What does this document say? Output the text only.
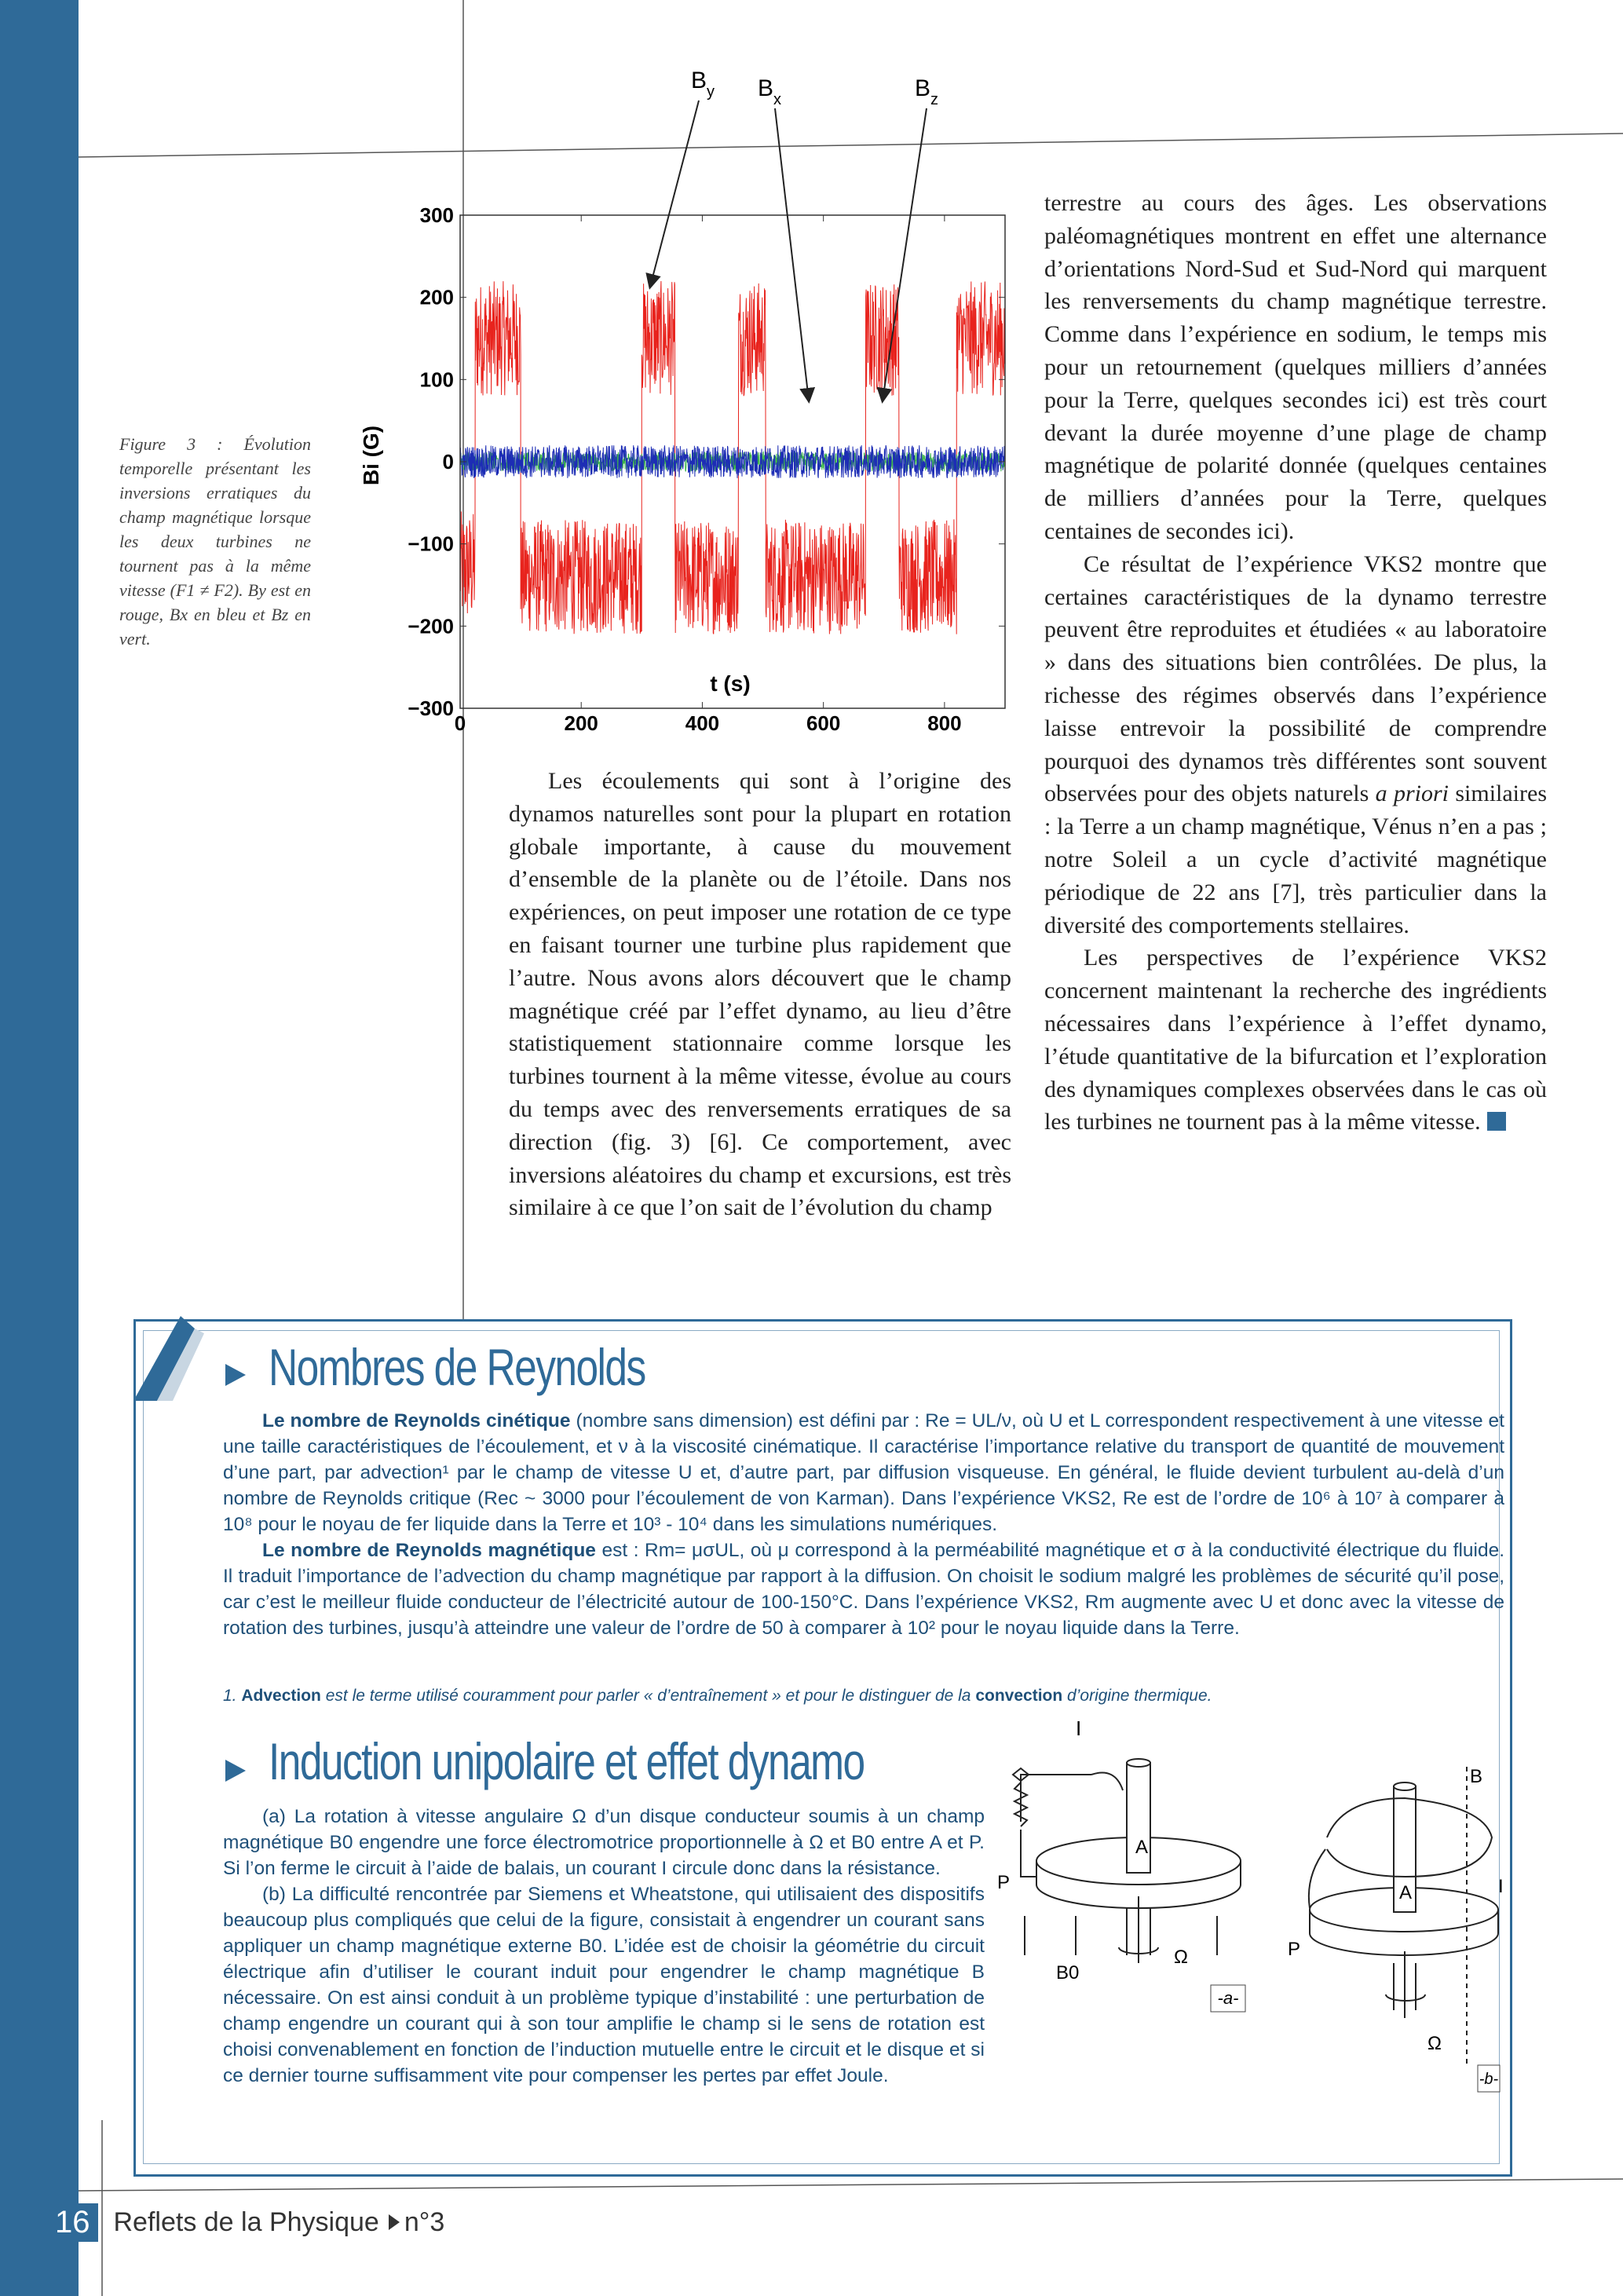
Figure 3 : Évolution temporelle présentant les inversions erratiques du champ magnétique lorsque les deux turbines ne tournent pas à la même vitesse (F1 ≠ F2). By est en rouge, Bx en bleu et Bz en vert.
300
200
100
0
−100
−200
−300
0	200	400	600	800
t (s)
Bi (G)
$B_y$ $B_x$	$B_z$

Les écoulements qui sont à l’origine des dynamos naturelles sont pour la plupart en rotation globale importante, à cause du mouvement d’ensemble de la planète ou de l’étoile. Dans nos expériences, on peut imposer une rotation de ce type en faisant tourner une turbine plus rapidement que l’autre. Nous avons alors découvert que le champ magnétique créé par l’effet dynamo, au lieu d’être statistiquement stationnaire comme lorsque les turbines tournent à la même vitesse, évolue au cours du temps avec des renversements erratiques de sa direction (fig. 3) [6]. Ce comportement, avec inversions aléatoires du champ et excursions, est très similaire à ce que l’on sait de l’évolution du champ

terrestre au cours des âges. Les observations paléomagnétiques montrent en effet une alternance d’orientations Nord-Sud et Sud-Nord qui marquent les renversements du champ magnétique terrestre. Comme dans l’expérience en sodium, le temps mis pour un retournement (quelques milliers d’années pour la Terre, quelques secondes ici) est très court devant la durée moyenne d’une plage de champ magnétique de polarité donnée (quelques centaines de milliers d’années pour la Terre, quelques centaines de secondes ici).

Ce résultat de l’expérience VKS2 montre que certaines caractéristiques de la dynamo terrestre peuvent être reproduites et étudiées « au laboratoire » dans des situations bien contrôlées. De plus, la richesse des régimes observés dans l’expérience laisse entrevoir la possibilité de comprendre pourquoi des dynamos très différentes sont souvent observées pour des objets naturels a priori similaires : la Terre a un champ magnétique, Vénus n’en a pas ; notre Soleil a un cycle d’activité magnétique périodique de 22 ans [7], très particulier dans la diversité des comportements stellaires.

Les perspectives de l’expérience VKS2 concernent maintenant la recherche des ingrédients nécessaires dans l’expérience à l’effet dynamo, l’étude quantitative de la bifurcation et l’exploration des dynamiques complexes observées dans le cas où les turbines ne tournent pas à la même vitesse.

Nombres de Reynolds

Le nombre de Reynolds cinétique (nombre sans dimension) est défini par : Re = UL/ν, où U et L correspondent respectivement à une vitesse et une taille caractéristiques de l’écoulement, et ν à la viscosité cinématique. Il caractérise l’importance relative du transport de quantité de mouvement d’une part, par advection¹ par le champ de vitesse U et, d’autre part, par diffusion visqueuse. En général, le fluide devient turbulent au-delà d’un nombre de Reynolds critique (Rec ~ 3000 pour l’écoulement de von Karman). Dans l’expérience VKS2, Re est de l’ordre de 10⁶ à 10⁷ à comparer à 10⁸ pour le noyau de fer liquide dans la Terre et 10³ - 10⁴ dans les simulations numériques.

Le nombre de Reynolds magnétique est : Rm= μσUL, où μ correspond à la perméabilité magnétique et σ à la conductivité électrique du fluide. Il traduit l’importance de l’advection du champ magnétique par rapport à la diffusion. On choisit le sodium malgré les problèmes de sécurité qu’il pose, car c’est le meilleur fluide conducteur de l’électricité autour de 100-150°C. Dans l’expérience VKS2, Rm augmente avec U et donc avec la vitesse de rotation des turbines, jusqu’à atteindre une valeur de l’ordre de 50 à comparer à 10² pour le noyau liquide dans la Terre.

1. Advection est le terme utilisé couramment pour parler « d’entraînement » et pour le distinguer de la convection d’origine thermique.
Induction unipolaire et effet dynamo

(a) La rotation à vitesse angulaire Ω d’un disque conducteur soumis à un champ magnétique B0 engendre une force électromotrice proportionnelle à Ω et B0 entre A et P. Si l’on ferme le circuit à l’aide de balais, un courant I circule donc dans la résistance.

(b) La difficulté rencontrée par Siemens et Wheatstone, qui utilisaient des dispositifs beaucoup plus compliqués que celui de la figure, consistait à engendrer un courant sans appliquer un champ magnétique externe B0. L’idée est de choisir la géométrie du circuit électrique afin d’utiliser le courant induit pour engendrer le champ magnétique B nécessaire. On est ainsi conduit à un problème typique d’instabilité : une perturbation de champ engendre un courant qui à son tour amplifie le champ si le sens de rotation est choisi convenablement en fonction de l’induction mutuelle entre le circuit et le disque et si ce dernier tourne suffisamment vite pour compenser les pertes par effet Joule.

I
A
P
B0
Ω
-a-
B
A
P
I
Ω
-b-
16 Reflets de la Physique n°3
